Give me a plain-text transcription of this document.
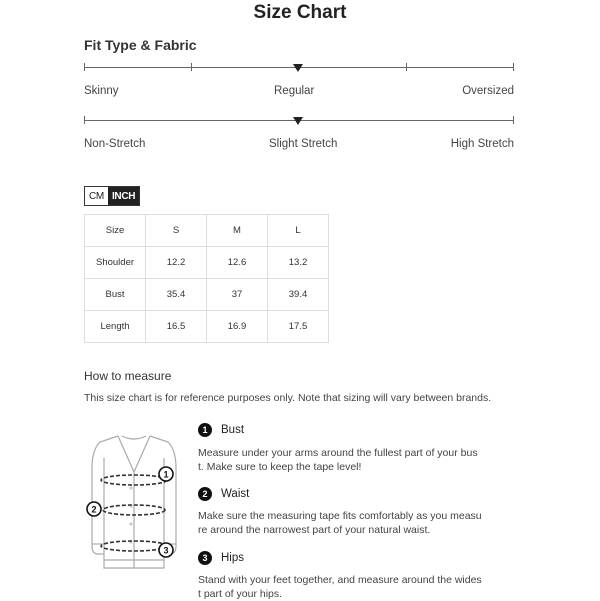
Size Chart
Fit Type & Fabric
Skinny	Regular	Oversized
Non-Stretch	Slight Stretch	High Stretch
CM INCH
Size	S	M	L
Shoulder	12.2	12.6	13.2
Bust	35.4	37	39.4
Length	16.5	16.9	17.5
How to measure
This size chart is for reference purposes only. Note that sizing will vary between brands.
1
2
3
1	Bust
Measure under your arms around the fullest part of your bust. Make sure to keep the tape level!
2	Waist
Make sure the measuring tape fits comfortably as you measure around the narrowest part of your natural waist.
3	Hips
Stand with your feet together, and measure around the widest part of your hips.
